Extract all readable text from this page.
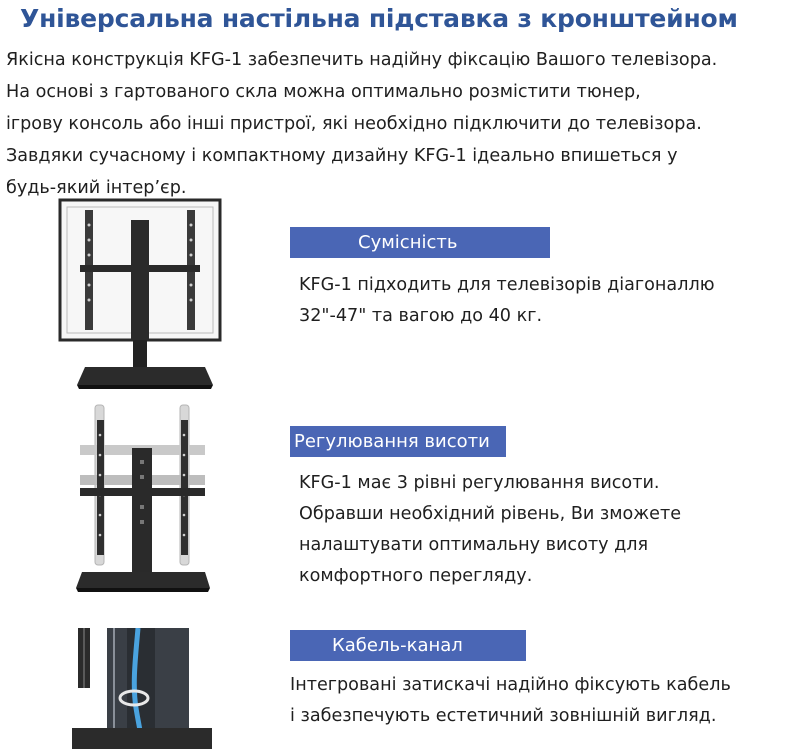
Універсальна настільна підставка з кронштейном
Якісна конструкція KFG-1 забезпечить надійну фіксацію Вашого телевізора.
На основі з гартованого скла можна оптимально розмістити тюнер,
ігрову консоль або інші пристрої, які необхідно підключити до телевізора.
Завдяки сучасному і компактному дизайну KFG-1 ідеально впишеться у
будь-який інтер’єр.
Сумісність
KFG-1 підходить для телевізорів діагоналлю
32"-47" та вагою до 40 кг.
Регулювання висоти
KFG-1 має 3 рівні регулювання висоти.
Обравши необхідний рівень, Ви зможете
налаштувати оптимальну висоту для
комфортного перегляду.
Кабель-канал
Інтегровані затискачі надійно фіксують кабель
і забезпечують естетичний зовнішній вигляд.
